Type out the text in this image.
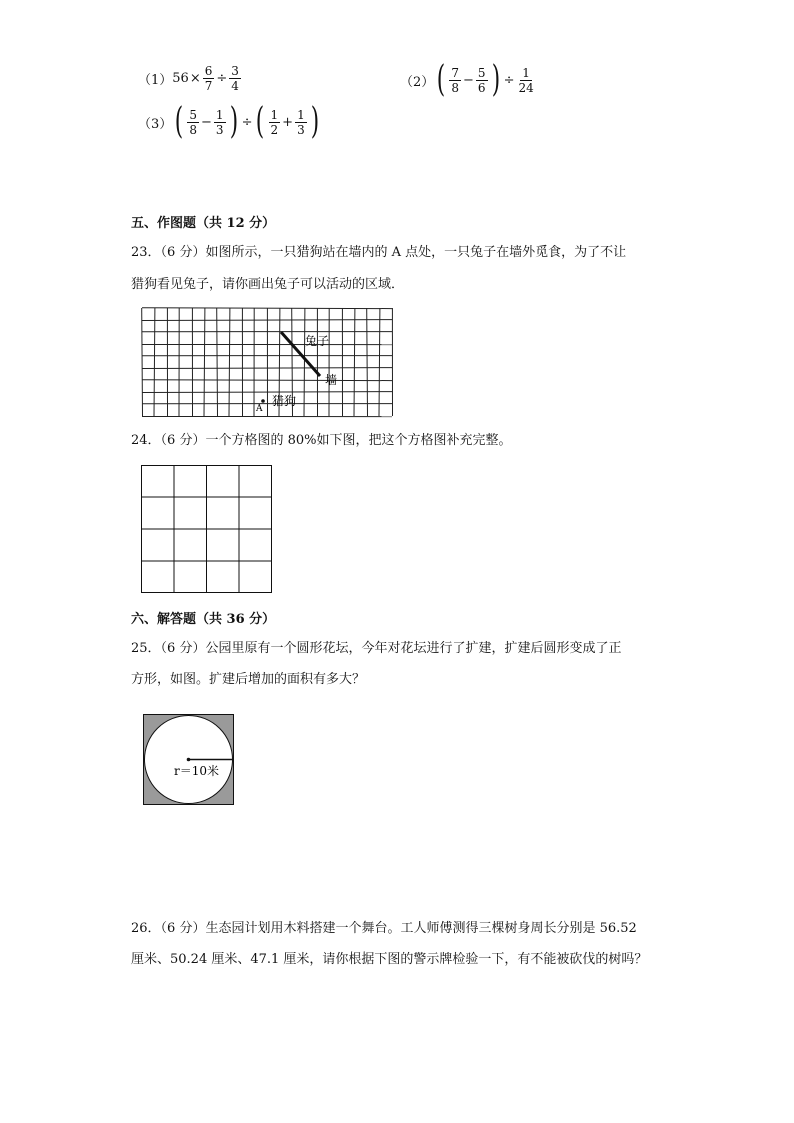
（1） $56 \times \frac{6}{7} \div \frac{3}{4}$	（2） ( $\frac{7}{8} - \frac{5}{6}$ ) ÷ $\frac{1}{24}$
（3） ( $\frac{5}{8} - \frac{1}{3}$ ) ÷ ( $\frac{1}{2} + \frac{1}{3}$ )
五、作图题（共 12 分）
23．（6 分）如图所示，一只猎狗站在墙内的 A 点处，一只兔子在墙外觅食，为了不让
猎狗看见兔子，请你画出兔子可以活动的区域．
兔子
墙
A
猎狗
24．（6 分）一个方格图的 80%如下图，把这个方格图补充完整。
六、解答题（共 36 分）
25．（6 分）公园里原有一个圆形花坛，今年对花坛进行了扩建，扩建后圆形变成了正
方形，如图。扩建后增加的面积有多大？
r＝10米
26．（6 分）生态园计划用木料搭建一个舞台。工人师傅测得三棵树身周长分别是 56.52
厘米、50.24 厘米、47.1 厘米，请你根据下图的警示牌检验一下，有不能被砍伐的树吗？
